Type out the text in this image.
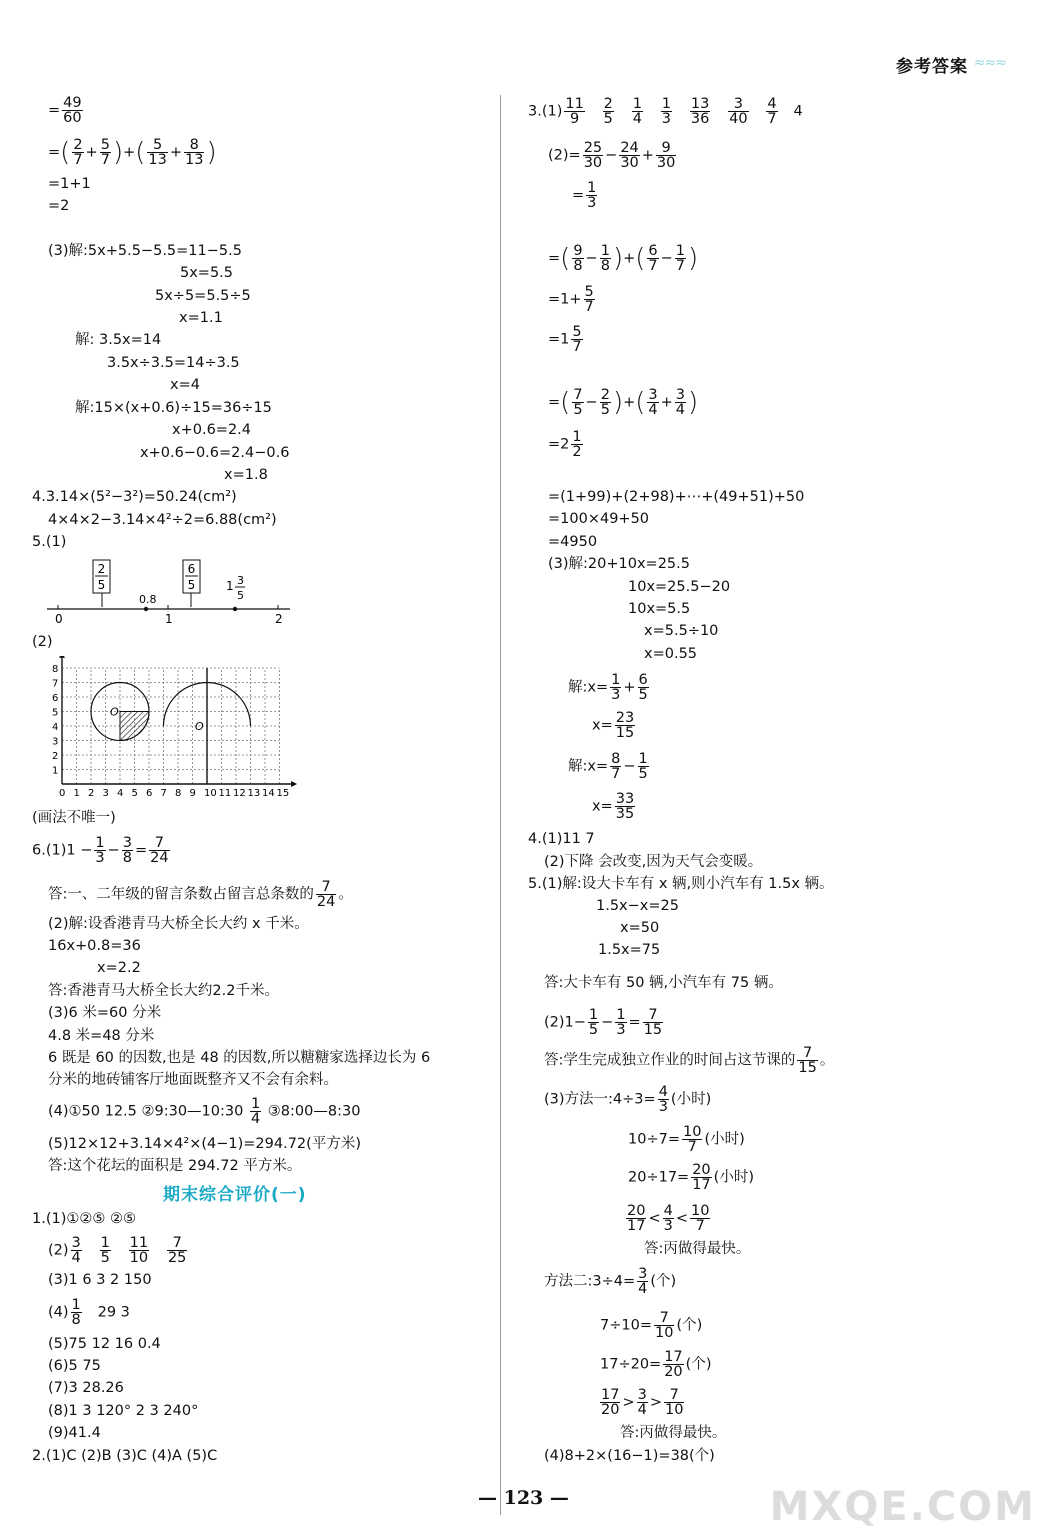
参考答案 ≈≈≈
= $\frac{49}{60}$
=( $\frac{2}{7} + \frac{5}{7}$ )+( $\frac{5}{13} + \frac{8}{13}$ )
=1+1
=2
(3)解:5x+5.5−5.5=11−5.5
5x=5.5
5x÷5=5.5÷5
x=1.1
解: 3.5x=14
3.5x÷3.5=14÷3.5
x=4
解:15×(x+0.6)÷15=36÷15
x+0.6=2.4
x+0.6−0.6=2.4−0.6
x=1.8
4.3.14×(5²−3²)=50.24(cm²)
4×4×2−3.14×4²÷2=6.88(cm²)
5.(1)
2
5
6
5
0.8
1 3
5
0	1	2
(2)
0 1 2 3 4 5 6 7 8 9 10 11 12 13 14 15
8
7
6
5
4
3
2
1
O
O
(画法不唯一)
$6.(1)1 - \frac{1}{3} - \frac{3}{8} = \frac{7}{24}$
答:一、二年级的留言条数占留言总条数的 $\frac{7}{24}$ 。
(2)解:设香港青马大桥全长大约 x 千米。
16x+0.8=36
x=2.2
答:香港青马大桥全长大约2.2千米。
(3)6 米=60 分米
4.8 米=48 分米
6 既是 60 的因数,也是 48 的因数,所以糖糖家选择边长为 6
分米的地砖铺客厅地面既整齐又不会有余料。
(4)①50 12.5 ②9:30—10:30 $\frac{1}{4}$ ③8:00—8:30
(5)12×12+3.14×4²×(4−1)=294.72(平方米)
答:这个花坛的面积是 294.72 平方米。
期末综合评价(一)
1.(1)①②⑤ ②⑤
$(2) \frac{3}{4}$
$\frac{1}{5}$
$\frac{11}{10}$
$\frac{7}{25}$
(3)1 6 3 2 150
$(4) \frac{1}{8} 29$ 3
(5)75 12 16 0.4
(6)5 75
(7)3 28.26
(8)1 3 120° 2 3 240°
(9)41.4
2.(1)C (2)B (3)C (4)A (5)C
$3.(1) \frac{11}{9}$
$\frac{2}{5}$
$\frac{1}{4}$
$\frac{1}{3}$
$\frac{13}{36}$
$\frac{3}{40}$
$\frac{4}{7} 4$
$(2)= \frac{25}{30} - \frac{24}{30} + \frac{9}{30}$
= $\frac{1}{3}$
=( $\frac{9}{8} - \frac{1}{8}$ )+( $\frac{6}{7} - \frac{1}{7}$ )
$=1+ \frac{5}{7}$
$=1 \frac{5}{7}$
=( $\frac{7}{5} - \frac{2}{5}$ )+( $\frac{3}{4} + \frac{3}{4}$ )
$=2 \frac{1}{2}$
=(1+99)+(2+98)+⋯+(49+51)+50
=100×49+50
=4950
(3)解:20+10x=25.5
10x=25.5−20
10x=5.5
x=5.5÷10
x=0.55
解:x= $\frac{1}{3} + \frac{6}{5}$
$x= \frac{23}{15}$
解:x= $\frac{8}{7} - \frac{1}{5}$
$x= \frac{33}{35}$
4.(1)11 7
(2)下降 会改变,因为天气会变暖。
5.(1)解:设大卡车有 x 辆,则小汽车有 1.5x 辆。
1.5x−x=25
x=50
1.5x=75
答:大卡车有 50 辆,小汽车有 75 辆。
$(2)1- \frac{1}{5} - \frac{1}{3} = \frac{7}{15}$
答:学生完成独立作业的时间占这节课的 $\frac{7}{15}$ 。
(3)方法一:4÷3= $\frac{4}{3}$ (小时)
$10\div 7= \frac{10}{7}$ (小时)
$20\div 17= \frac{20}{17}$ (小时)
$\frac{20}{17} < \frac{4}{3} < \frac{10}{7}$
答:丙做得最快。
方法二:3÷4= $\frac{3}{4}$ (个)
$7\div 10= \frac{7}{10}$ (个)
$17\div 20= \frac{17}{20}$ (个)
$\frac{17}{20} > \frac{3}{4} > \frac{7}{10}$
答:丙做得最快。
(4)8+2×(16−1)=38(个)
— 123 —	MXQE.COM
